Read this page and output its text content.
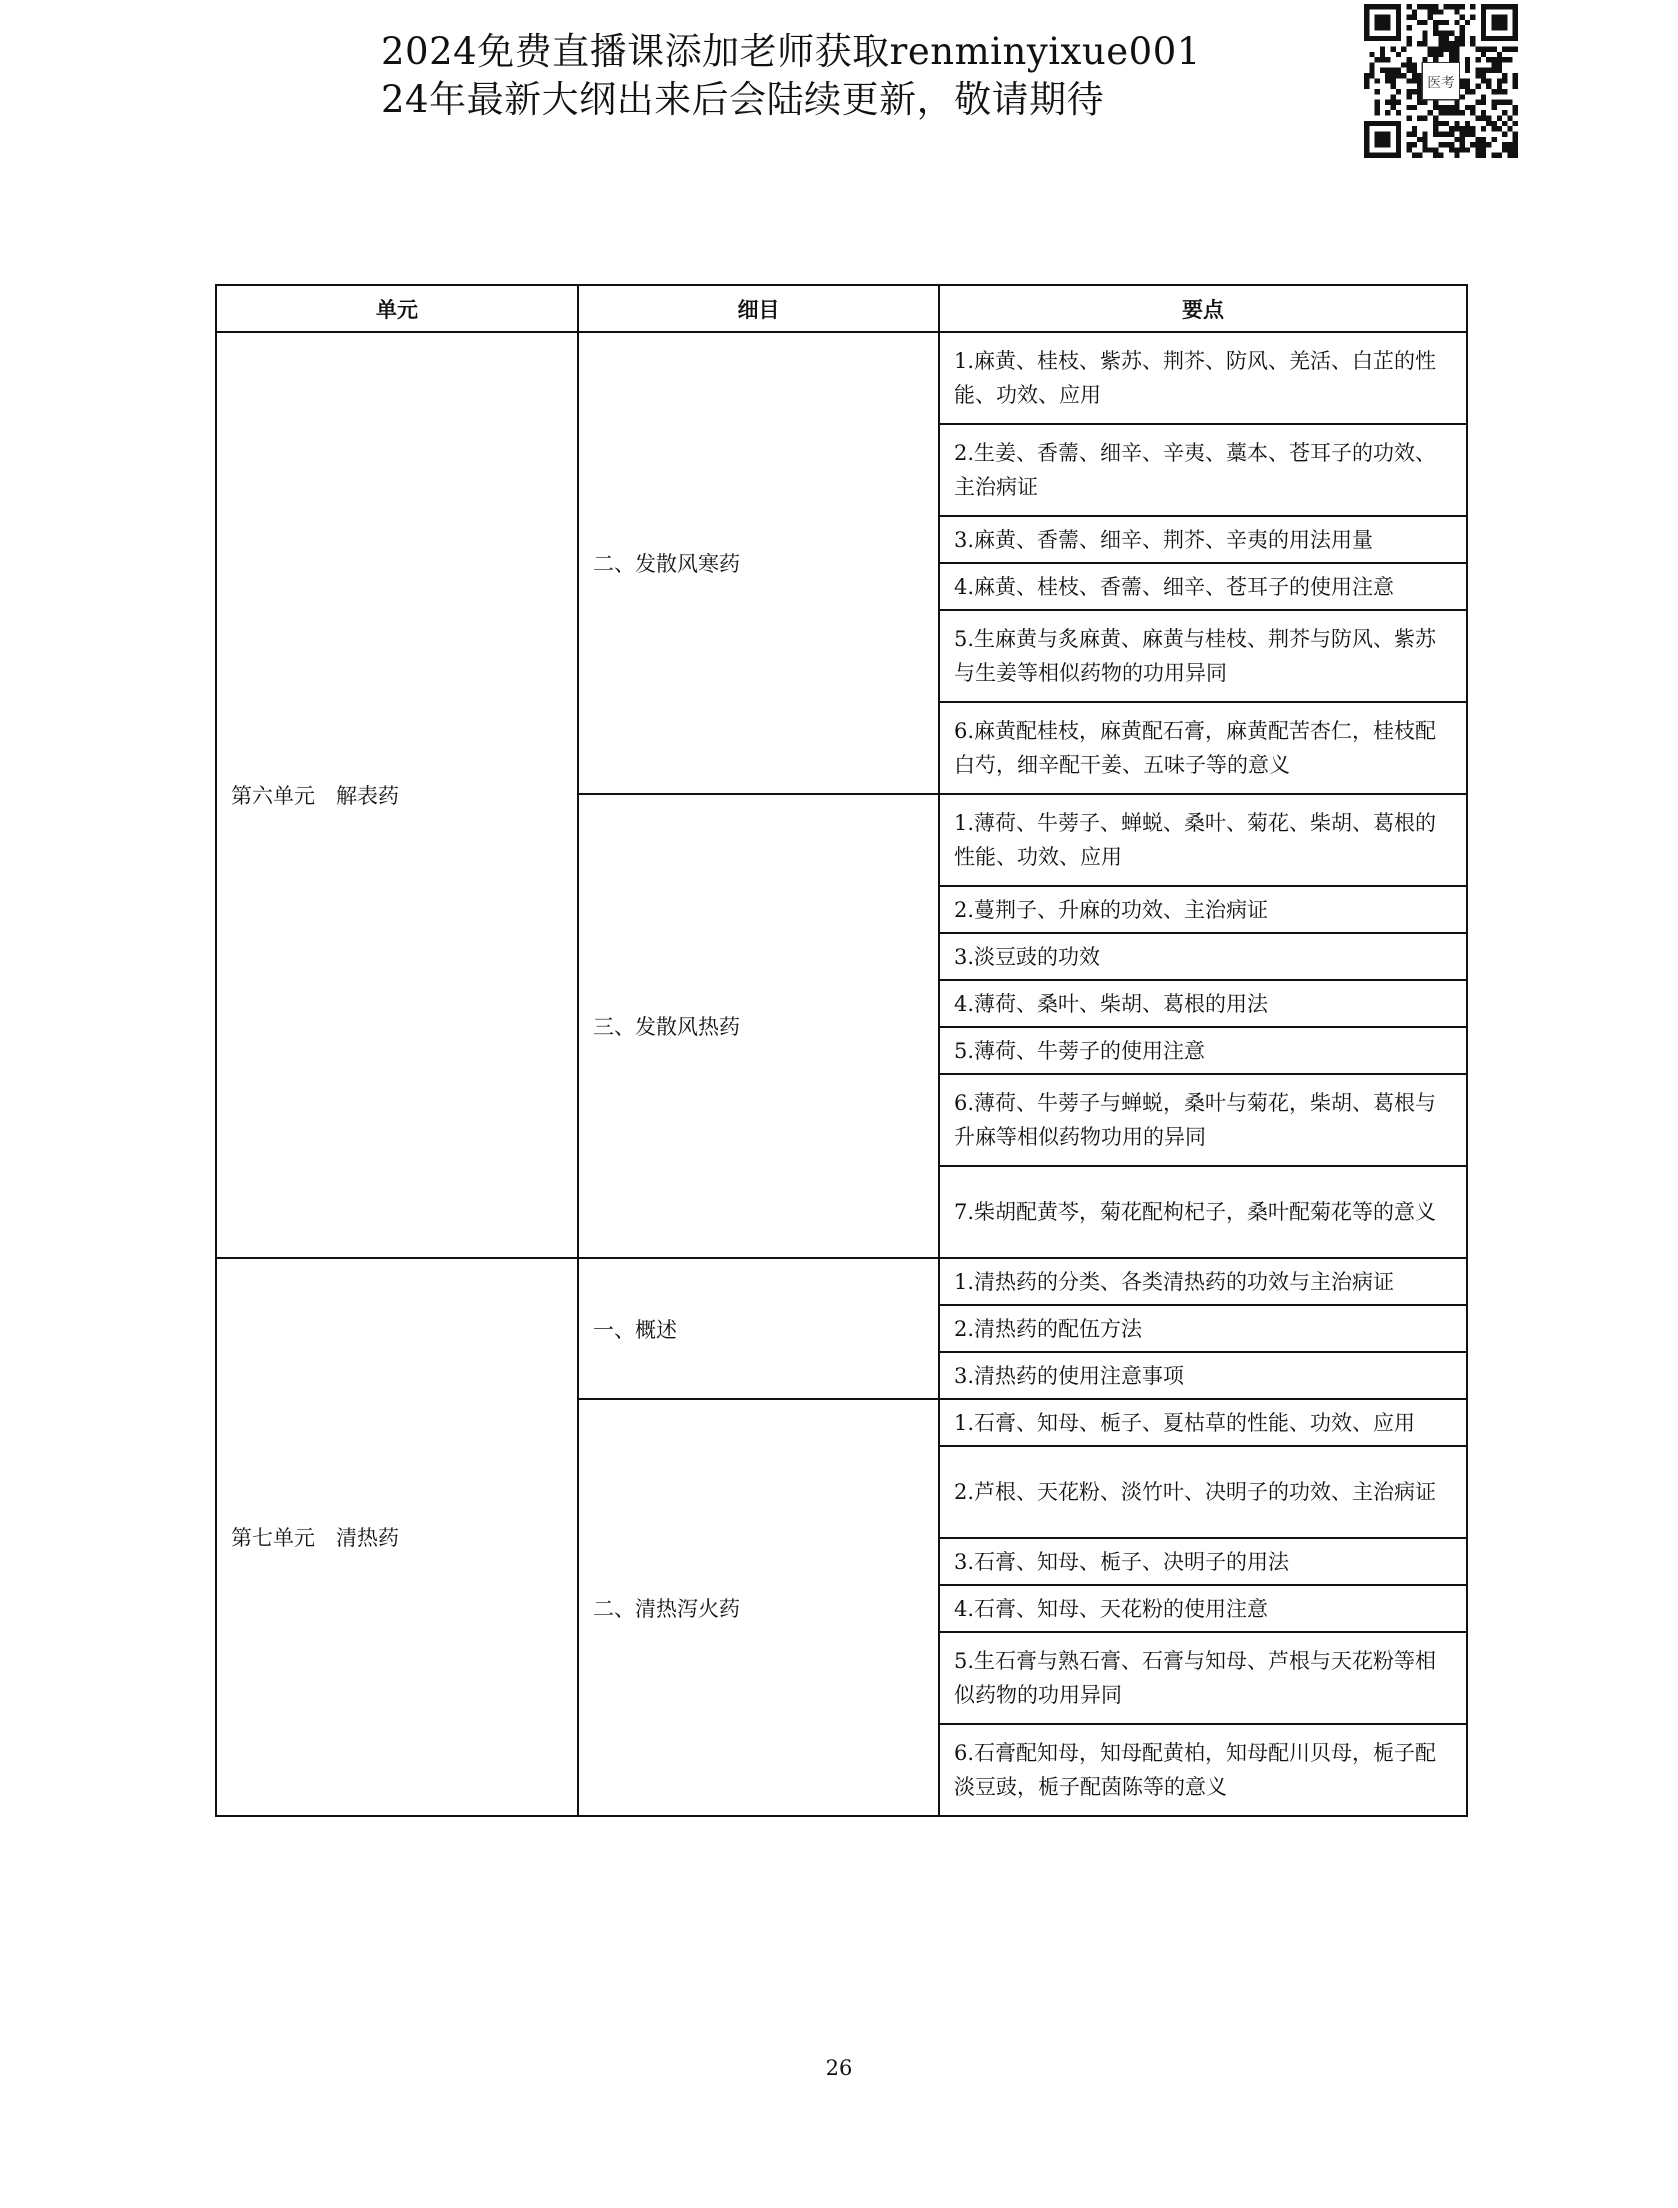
2024免费直播课添加老师获取renminyixue001
24年最新大纲出来后会陆续更新，敬请期待	医考
单元	细目	要点
第六单元　解表药	二、发散风寒药	1.麻黄、桂枝、紫苏、荆芥、防风、羌活、白芷的性能、功效、应用
		2.生姜、香薷、细辛、辛夷、藁本、苍耳子的功效、主治病证
		3.麻黄、香薷、细辛、荆芥、辛夷的用法用量
		4.麻黄、桂枝、香薷、细辛、苍耳子的使用注意
		5.生麻黄与炙麻黄、麻黄与桂枝、荆芥与防风、紫苏与生姜等相似药物的功用异同
		6.麻黄配桂枝，麻黄配石膏，麻黄配苦杏仁，桂枝配白芍，细辛配干姜、五味子等的意义
	三、发散风热药	1.薄荷、牛蒡子、蝉蜕、桑叶、菊花、柴胡、葛根的性能、功效、应用
		2.蔓荆子、升麻的功效、主治病证
		3.淡豆豉的功效
		4.薄荷、桑叶、柴胡、葛根的用法
		5.薄荷、牛蒡子的使用注意
		6.薄荷、牛蒡子与蝉蜕，桑叶与菊花，柴胡、葛根与升麻等相似药物功用的异同
		7.柴胡配黄芩，菊花配枸杞子，桑叶配菊花等的意义
第七单元　清热药	一、概述	1.清热药的分类、各类清热药的功效与主治病证
		2.清热药的配伍方法
		3.清热药的使用注意事项
	二、清热泻火药	1.石膏、知母、栀子、夏枯草的性能、功效、应用
		2.芦根、天花粉、淡竹叶、决明子的功效、主治病证
		3.石膏、知母、栀子、决明子的用法
		4.石膏、知母、天花粉的使用注意
		5.生石膏与熟石膏、石膏与知母、芦根与天花粉等相似药物的功用异同
		6.石膏配知母，知母配黄柏，知母配川贝母，栀子配淡豆豉，栀子配茵陈等的意义
26
